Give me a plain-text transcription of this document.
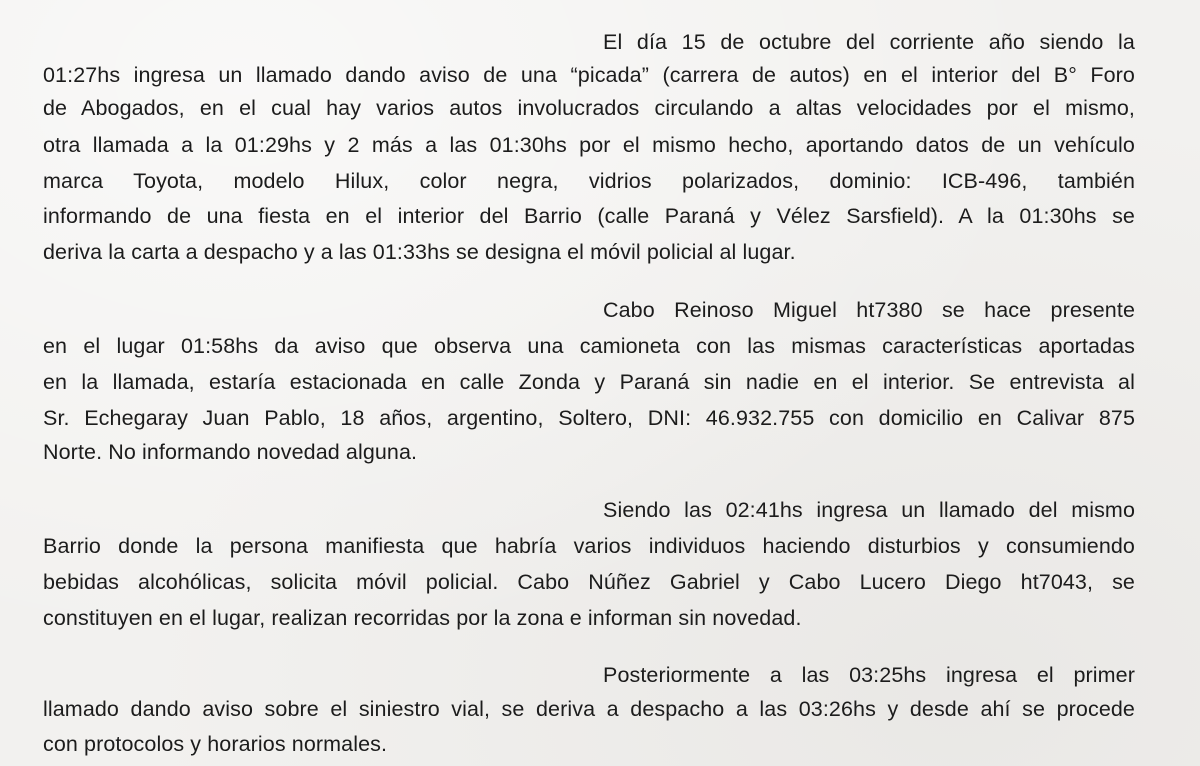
El día 15 de octubre del corriente año siendo la
01:27hs ingresa un llamado dando aviso de una “picada” (carrera de autos) en el interior del B° Foro
de Abogados, en el cual hay varios autos involucrados circulando a altas velocidades por el mismo,
otra llamada a la 01:29hs y 2 más a las 01:30hs por el mismo hecho, aportando datos de un vehículo
marca Toyota, modelo Hilux, color negra, vidrios polarizados, dominio: ICB-496, también
informando de una fiesta en el interior del Barrio (calle Paraná y Vélez Sarsfield). A la 01:30hs se
deriva la carta a despacho y a las 01:33hs se designa el móvil policial al lugar.
Cabo Reinoso Miguel ht7380 se hace presente
en el lugar 01:58hs da aviso que observa una camioneta con las mismas características aportadas
en la llamada, estaría estacionada en calle Zonda y Paraná sin nadie en el interior. Se entrevista al
Sr. Echegaray Juan Pablo, 18 años, argentino, Soltero, DNI: 46.932.755 con domicilio en Calivar 875
Norte. No informando novedad alguna.
Siendo las 02:41hs ingresa un llamado del mismo
Barrio donde la persona manifiesta que habría varios individuos haciendo disturbios y consumiendo
bebidas alcohólicas, solicita móvil policial. Cabo Núñez Gabriel y Cabo Lucero Diego ht7043, se
constituyen en el lugar, realizan recorridas por la zona e informan sin novedad.
Posteriormente a las 03:25hs ingresa el primer
llamado dando aviso sobre el siniestro vial, se deriva a despacho a las 03:26hs y desde ahí se procede
con protocolos y horarios normales.
